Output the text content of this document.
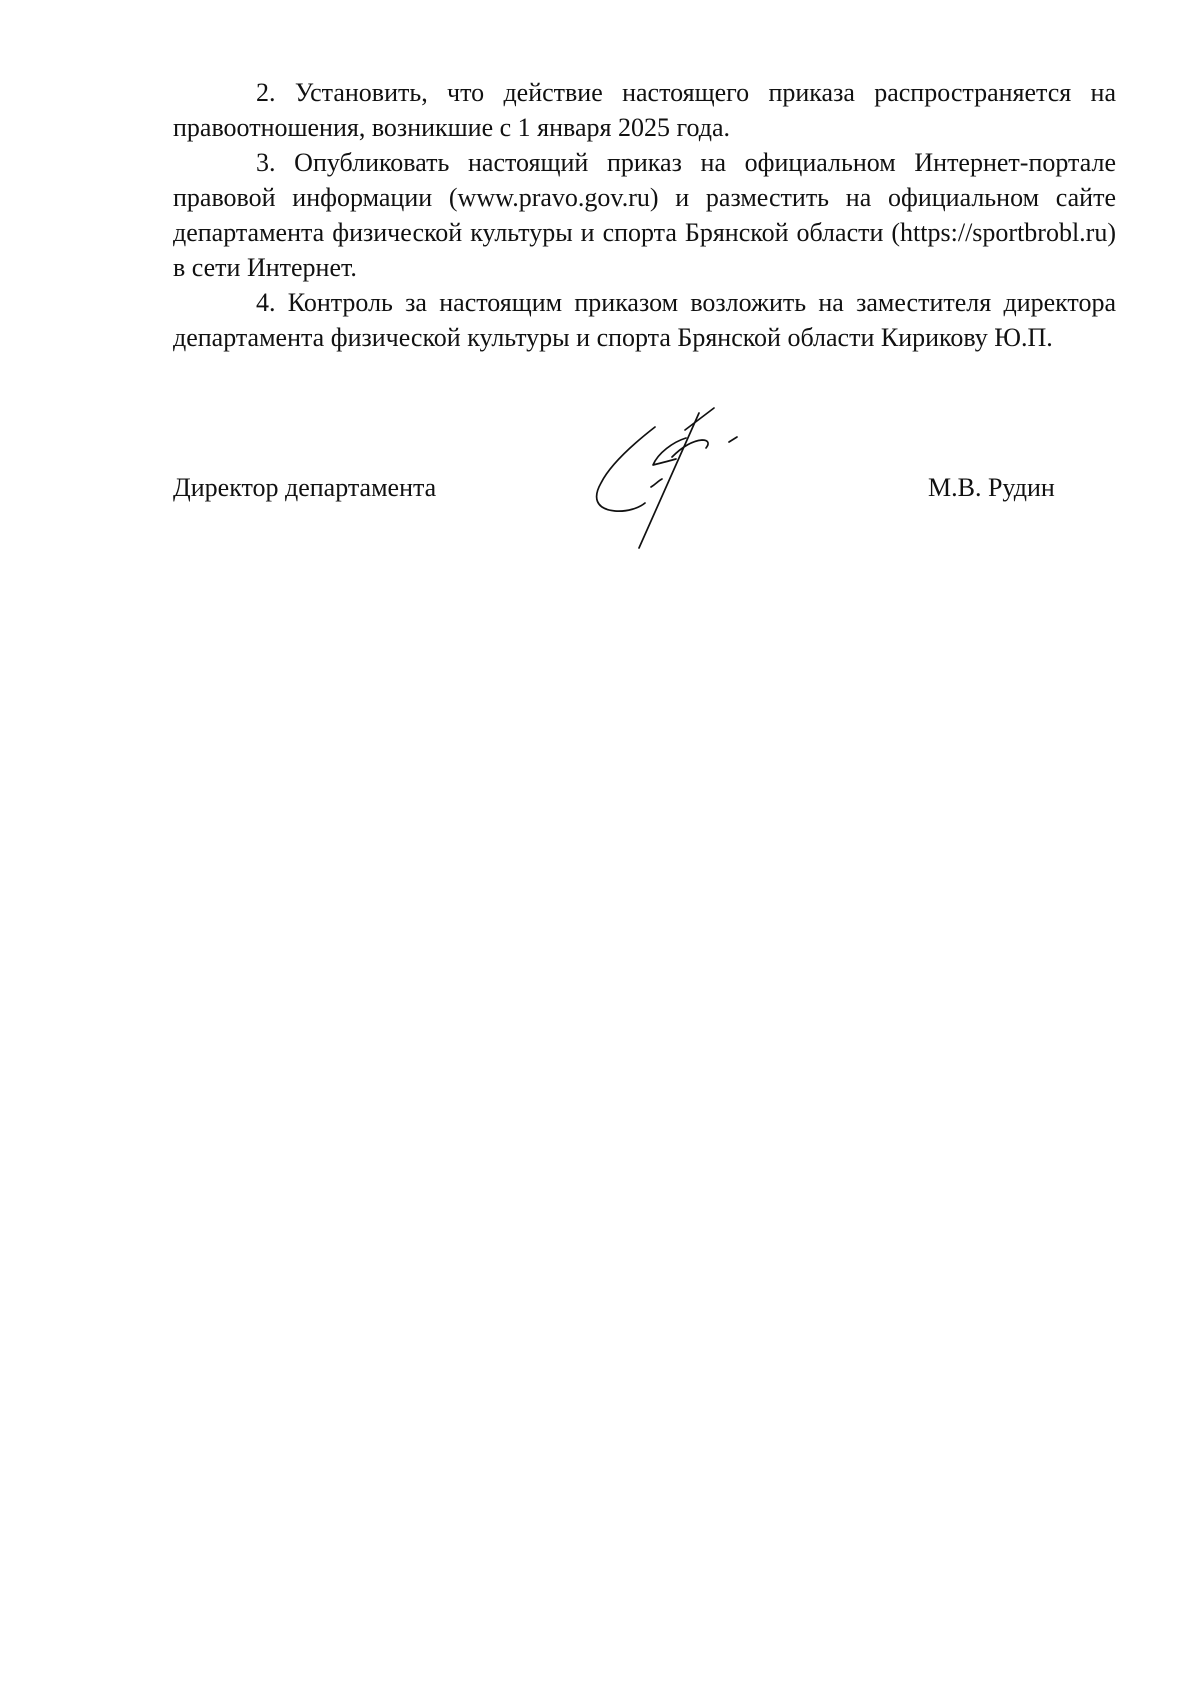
2. Установить, что действие настоящего приказа распространяется на правоотношения, возникшие с 1 января 2025 года.

3. Опубликовать настоящий приказ на официальном Интернет-портале правовой информации (www.pravo.gov.ru) и разместить на официальном сайте департамента физической культуры и спорта Брянской области (https://sportbrobl.ru) в сети Интернет.

4. Контроль за настоящим приказом возложить на заместителя директора департамента физической культуры и спорта Брянской области Кирикову Ю.П.

Директор департамента	М.В. Рудин
